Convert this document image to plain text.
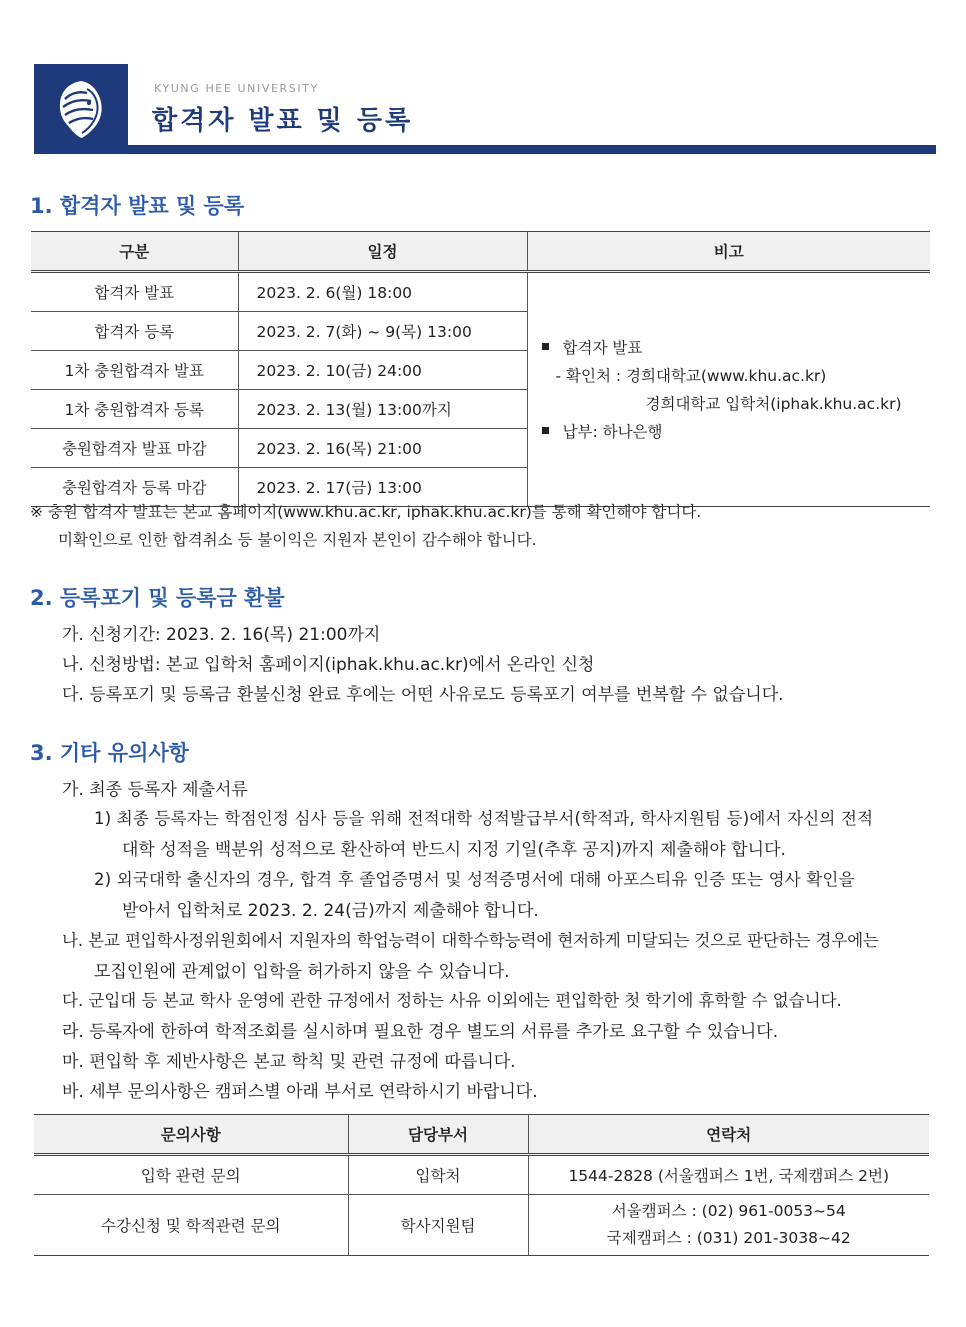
KYUNG HEE UNIVERSITY
합격자 발표 및 등록
1. 합격자 발표 및 등록
구분	일정	비고
합격자 발표	2023. 2. 6(월) 18:00	합격자 발표
- 확인처 : 경희대학교(www.khu.ac.kr)
경희대학교 입학처(iphak.khu.ac.kr)
납부: 하나은행

합격자 등록	2023. 2. 7(화) ~ 9(목) 13:00	
1차 충원합격자 발표	2023. 2. 10(금) 24:00	
1차 충원합격자 등록	2023. 2. 13(월) 13:00까지	
충원합격자 발표 마감	2023. 2. 16(목) 21:00	
충원합격자 등록 마감	2023. 2. 17(금) 13:00	
※ 충원 합격자 발표는 본교 홈페이지(www.khu.ac.kr, iphak.khu.ac.kr)를 통해 확인해야 합니다.
미확인으로 인한 합격취소 등 불이익은 지원자 본인이 감수해야 합니다.
2. 등록포기 및 등록금 환불
가. 신청기간: 2023. 2. 16(목) 21:00까지
나. 신청방법: 본교 입학처 홈페이지(iphak.khu.ac.kr)에서 온라인 신청
다. 등록포기 및 등록금 환불신청 완료 후에는 어떤 사유로도 등록포기 여부를 번복할 수 없습니다.
3. 기타 유의사항
가. 최종 등록자 제출서류
1) 최종 등록자는 학점인정 심사 등을 위해 전적대학 성적발급부서(학적과, 학사지원팀 등)에서 자신의 전적
대학 성적을 백분위 성적으로 환산하여 반드시 지정 기일(추후 공지)까지 제출해야 합니다.
2) 외국대학 출신자의 경우, 합격 후 졸업증명서 및 성적증명서에 대해 아포스티유 인증 또는 영사 확인을
받아서 입학처로 2023. 2. 24(금)까지 제출해야 합니다.
나. 본교 편입학사정위원회에서 지원자의 학업능력이 대학수학능력에 현저하게 미달되는 것으로 판단하는 경우에는
모집인원에 관계없이 입학을 허가하지 않을 수 있습니다.
다. 군입대 등 본교 학사 운영에 관한 규정에서 정하는 사유 이외에는 편입학한 첫 학기에 휴학할 수 없습니다.
라. 등록자에 한하여 학적조회를 실시하며 필요한 경우 별도의 서류를 추가로 요구할 수 있습니다.
마. 편입학 후 제반사항은 본교 학칙 및 관련 규정에 따릅니다.
바. 세부 문의사항은 캠퍼스별 아래 부서로 연락하시기 바랍니다.
문의사항	담당부서	연락처
입학 관련 문의	입학처	1544-2828 (서울캠퍼스 1번, 국제캠퍼스 2번)
수강신청 및 학적관련 문의	학사지원팀	서울캠퍼스 : (02) 961-0053~54
국제캠퍼스 : (031) 201-3038~42
